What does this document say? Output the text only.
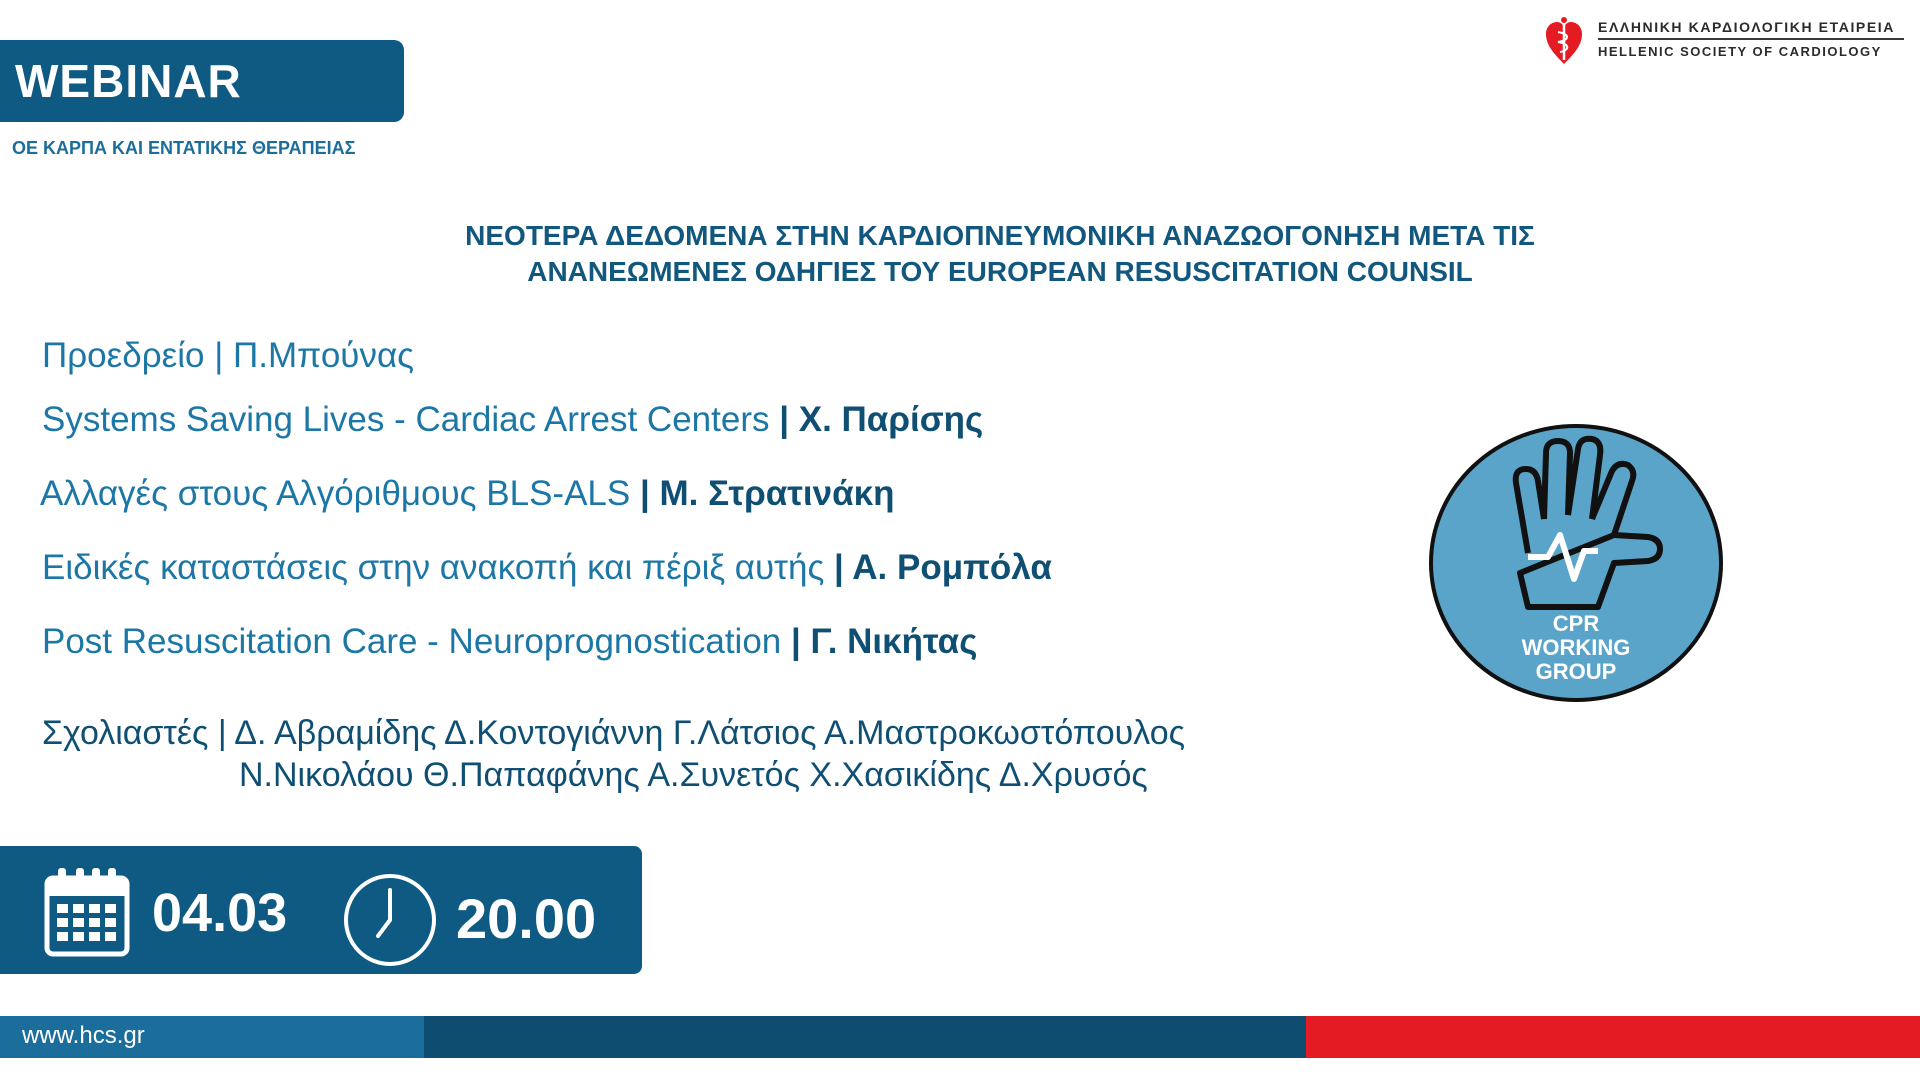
WEBINAR
ΟΕ ΚΑΡΠΑ ΚΑΙ ΕΝΤΑΤΙΚΗΣ ΘΕΡΑΠΕΙΑΣ
ΕΛΛΗΝΙΚΗ ΚΑΡΔΙΟΛΟΓΙΚΗ ΕΤΑΙΡΕΙΑ
HELLENIC SOCIETY OF CARDIOLOGY
ΝΕΟΤΕΡΑ ΔΕΔΟΜΕΝΑ ΣΤΗΝ ΚΑΡΔΙΟΠΝΕΥΜΟΝΙΚΗ ΑΝΑΖΩΟΓΟΝΗΣΗ ΜΕΤΑ ΤΙΣ
ΑΝΑΝΕΩΜΕΝΕΣ ΟΔΗΓΙΕΣ ΤΟΥ EUROPEAN RESUSCITATION COUNSIL
Προεδρείο | Π.Μπούνας
Systems Saving Lives - Cardiac Arrest Centers | Χ. Παρίσης
Αλλαγές στους Αλγόριθμους BLS-ALS | Μ. Στρατινάκη
Ειδικές καταστάσεις στην ανακοπή και πέριξ αυτής | Α. Ρομπόλα
Post Resuscitation Care - Neuroprognostication | Γ. Νικήτας
Σχολιαστές | Δ. Αβραμίδης Δ.Κοντογιάννη Γ.Λάτσιος Α.Μαστροκωστόπουλος
Ν.Νικολάου Θ.Παπαφάνης Α.Συνετός Χ.Χασικίδης Δ.Χρυσός
CPR
WORKING
GROUP
04.03	20.00
www.hcs.gr
